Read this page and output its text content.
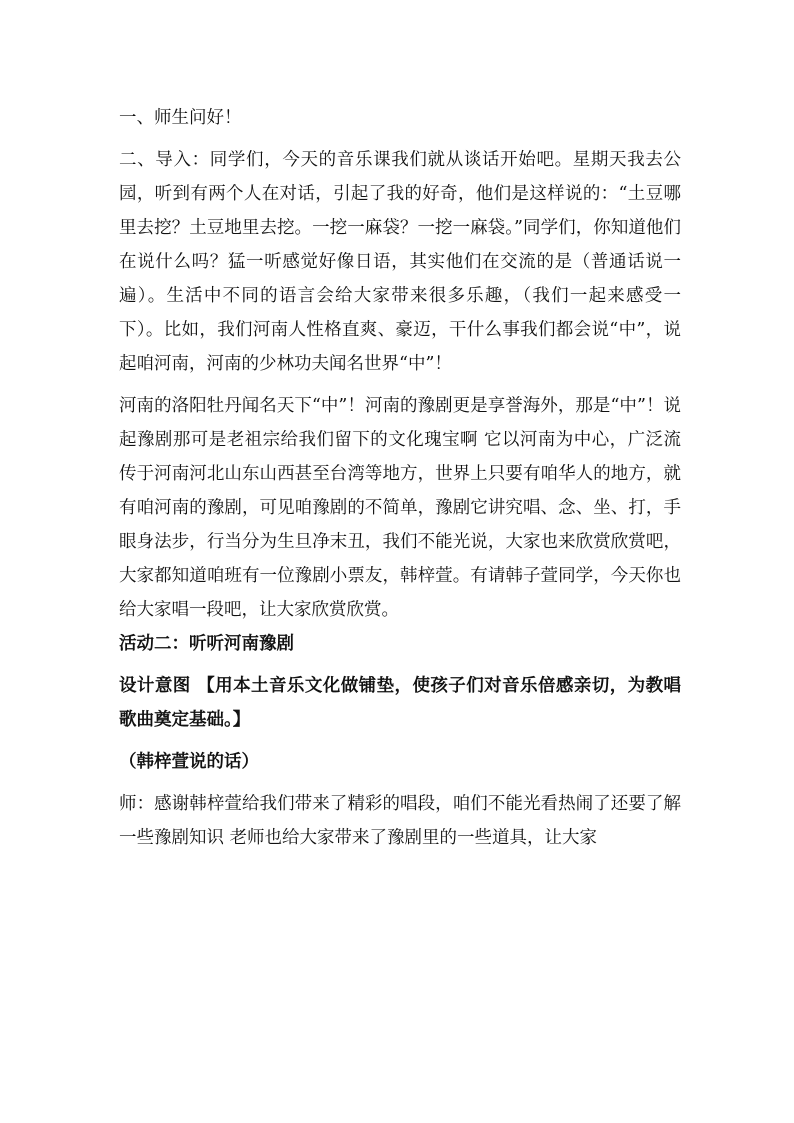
一、师生问好！

二、导入：同学们，今天的音乐课我们就从谈话开始吧。星期天我去公园，听到有两个人在对话，引起了我的好奇，他们是这样说的：“土豆哪里去挖？土豆地里去挖。一挖一麻袋？一挖一麻袋。”同学们，你知道他们在说什么吗？猛一听感觉好像日语，其实他们在交流的是（普通话说一遍）。生活中不同的语言会给大家带来很多乐趣，（我们一起来感受一下）。比如，我们河南人性格直爽、豪迈，干什么事我们都会说“中”，说起咱河南，河南的少林功夫闻名世界“中”！

河南的洛阳牡丹闻名天下“中”！河南的豫剧更是享誉海外，那是“中”！说起豫剧那可是老祖宗给我们留下的文化瑰宝啊 它以河南为中心，广泛流传于河南河北山东山西甚至台湾等地方，世界上只要有咱华人的地方，就有咱河南的豫剧，可见咱豫剧的不简单，豫剧它讲究唱、念、坐、打，手眼身法步，行当分为生旦净末丑，我们不能光说，大家也来欣赏欣赏吧，大家都知道咱班有一位豫剧小票友，韩梓萱。有请韩子萱同学，今天你也给大家唱一段吧，让大家欣赏欣赏。

活动二：听听河南豫剧

设计意图 【用本土音乐文化做铺垫，使孩子们对音乐倍感亲切，为教唱歌曲奠定基础。】

（韩梓萱说的话）

师：感谢韩梓萱给我们带来了精彩的唱段，咱们不能光看热闹了还要了解一些豫剧知识 老师也给大家带来了豫剧里的一些道具，让大家
